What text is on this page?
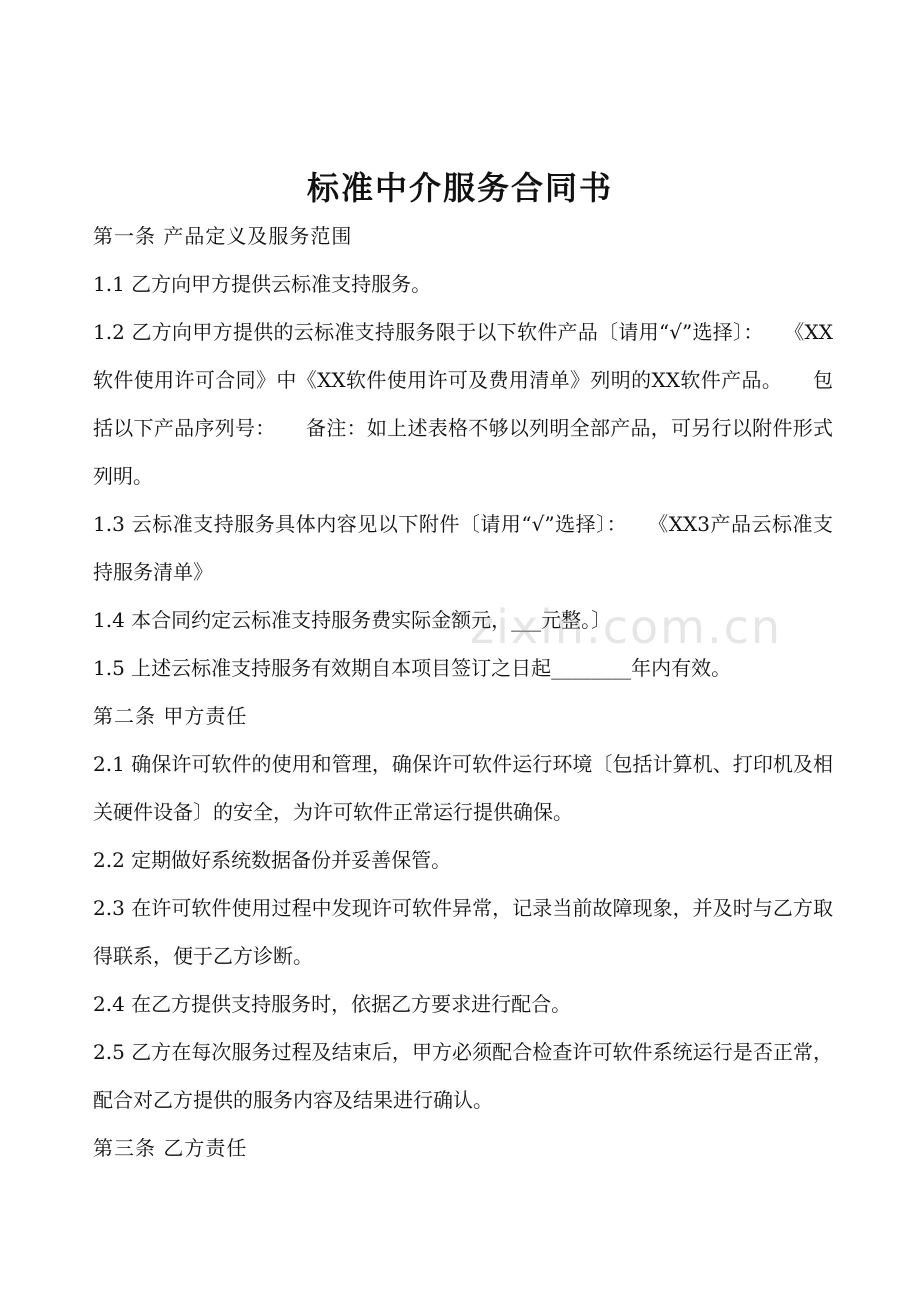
标准中介服务合同书

第一条 产品定义及服务范围

1.1 乙方向甲方提供云标准支持服务。

1.2 乙方向甲方提供的云标准支持服务限于以下软件产品〔请用“√”选择〕：　　《XX软件使用许可合同》中《XX软件使用许可及费用清单》列明的XX软件产品。　　包括以下产品序列号：　　备注：如上述表格不够以列明全部产品，可另行以附件形式列明。

1.3 云标准支持服务具体内容见以下附件〔请用“√”选择〕：　　《XX3产品云标准支持服务清单》

1.4 本合同约定云标准支持服务费实际金额元，___元整。〕

1.5 上述云标准支持服务有效期自本项目签订之日起________年内有效。

第二条 甲方责任

2.1 确保许可软件的使用和管理，确保许可软件运行环境〔包括计算机、打印机及相关硬件设备〕的安全，为许可软件正常运行提供确保。

2.2 定期做好系统数据备份并妥善保管。

2.3 在许可软件使用过程中发现许可软件异常，记录当前故障现象，并及时与乙方取得联系，便于乙方诊断。

2.4 在乙方提供支持服务时，依据乙方要求进行配合。

2.5 乙方在每次服务过程及结束后，甲方必须配合检查许可软件系统运行是否正常，配合对乙方提供的服务内容及结果进行确认。

第三条 乙方责任

zixin.com.cn
